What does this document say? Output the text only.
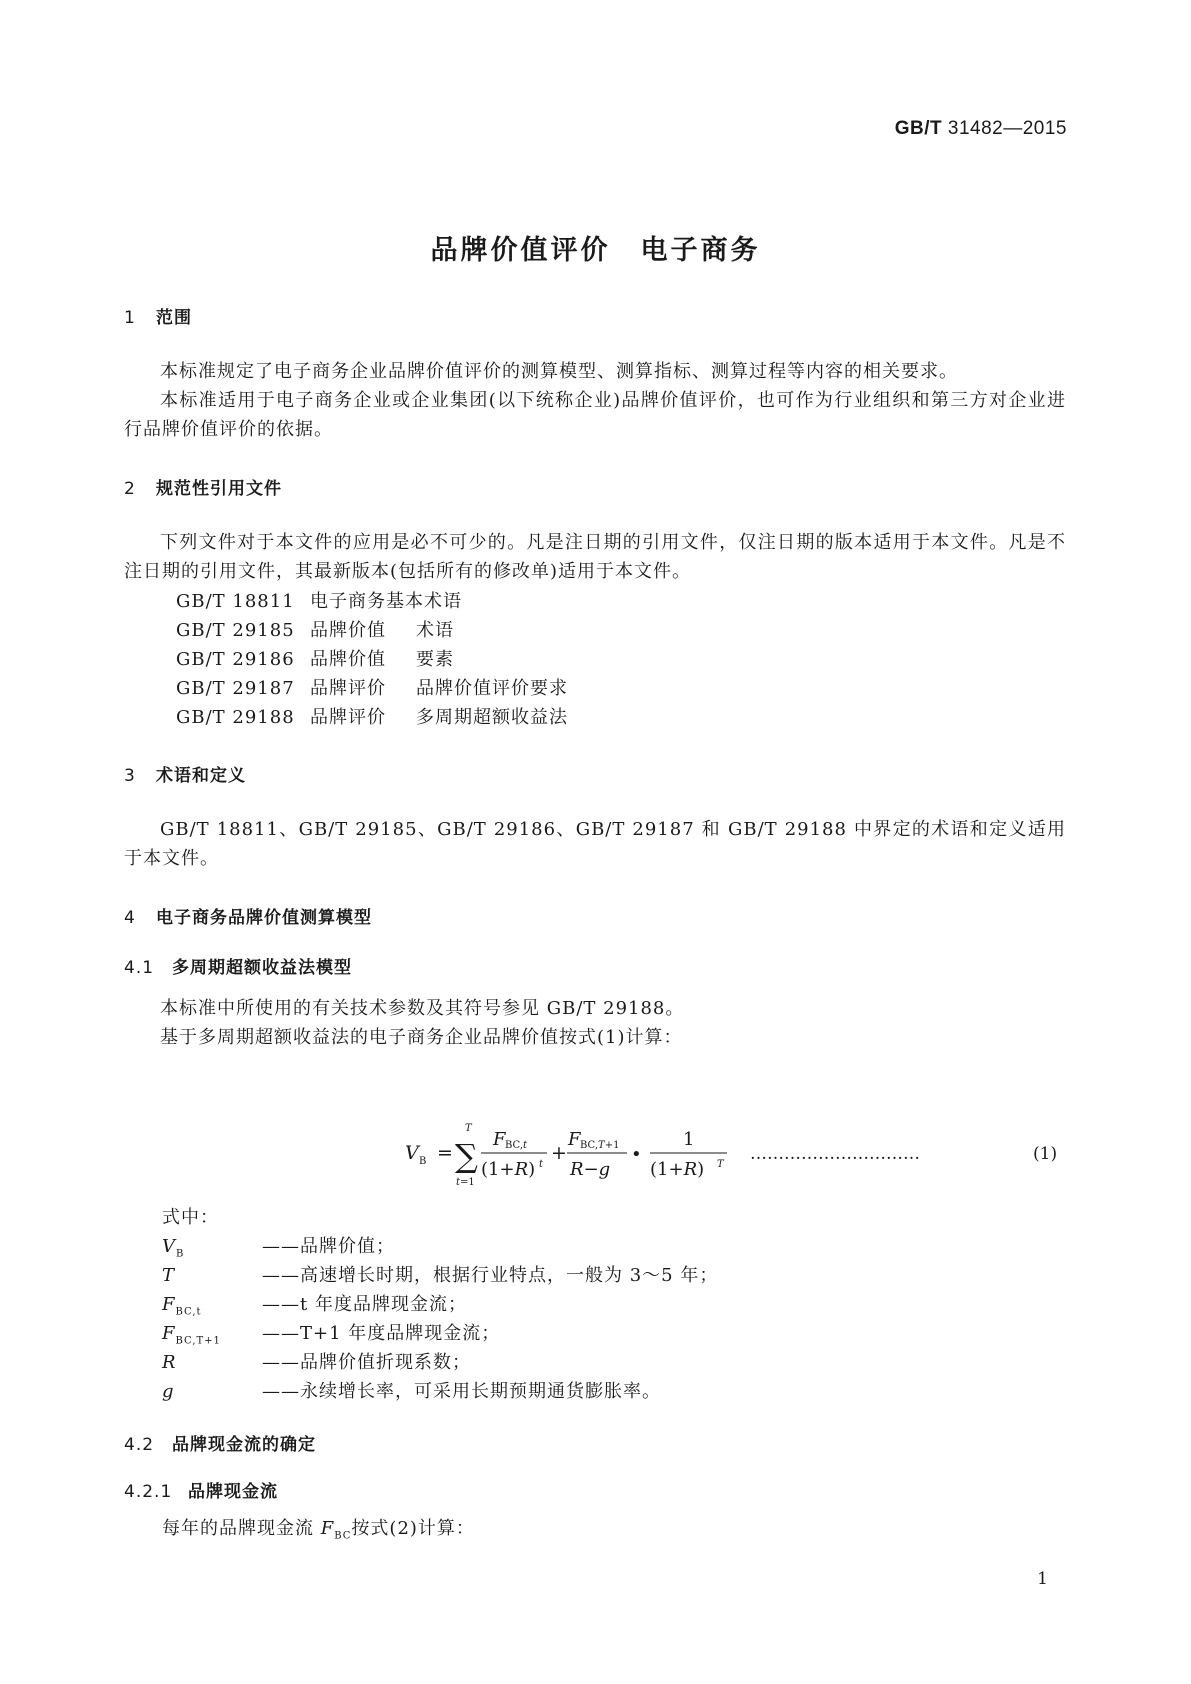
GB/T 31482—2015
品牌价值评价　电子商务
1 范围
本标准规定了电子商务企业品牌价值评价的测算模型、测算指标、测算过程等内容的相关要求。
本标准适用于电子商务企业或企业集团(以下统称企业)品牌价值评价，也可作为行业组织和第三方对企业进行品牌价值评价的依据。
2 规范性引用文件
下列文件对于本文件的应用是必不可少的。凡是注日期的引用文件，仅注日期的版本适用于本文件。凡是不注日期的引用文件，其最新版本(包括所有的修改单)适用于本文件。
GB/T 18811 电子商务基本术语
GB/T 29185 品牌价值 术语
GB/T 29186 品牌价值 要素
GB/T 29187 品牌评价 品牌价值评价要求
GB/T 29188 品牌评价 多周期超额收益法
3 术语和定义
GB/T 18811、GB/T 29185、GB/T 29186、GB/T 29187 和 GB/T 29188 中界定的术语和定义适用于本文件。
4 电子商务品牌价值测算模型
4.1 多周期超额收益法模型
本标准中所使用的有关技术参数及其符号参见 GB/T 29188。
基于多周期超额收益法的电子商务企业品牌价值按式(1)计算：
V B = ∑
T
t=1
F BC,t
(1+R) t
+
F BC,T+1
R−g
•
1
(1+R) T
…………………………	(1)
式中：
$V_B$	——品牌价值；
T	——高速增长时期，根据行业特点，一般为 3～5 年；
$F_{BC,t}$	——t 年度品牌现金流；
$F_{BC,T+1}$ ——T+1 年度品牌现金流；
R	——品牌价值折现系数；
g	——永续增长率，可采用长期预期通货膨胀率。
4.2 品牌现金流的确定
4.2.1 品牌现金流
每年的品牌现金流 $F_{BC}$按式(2)计算：
1
